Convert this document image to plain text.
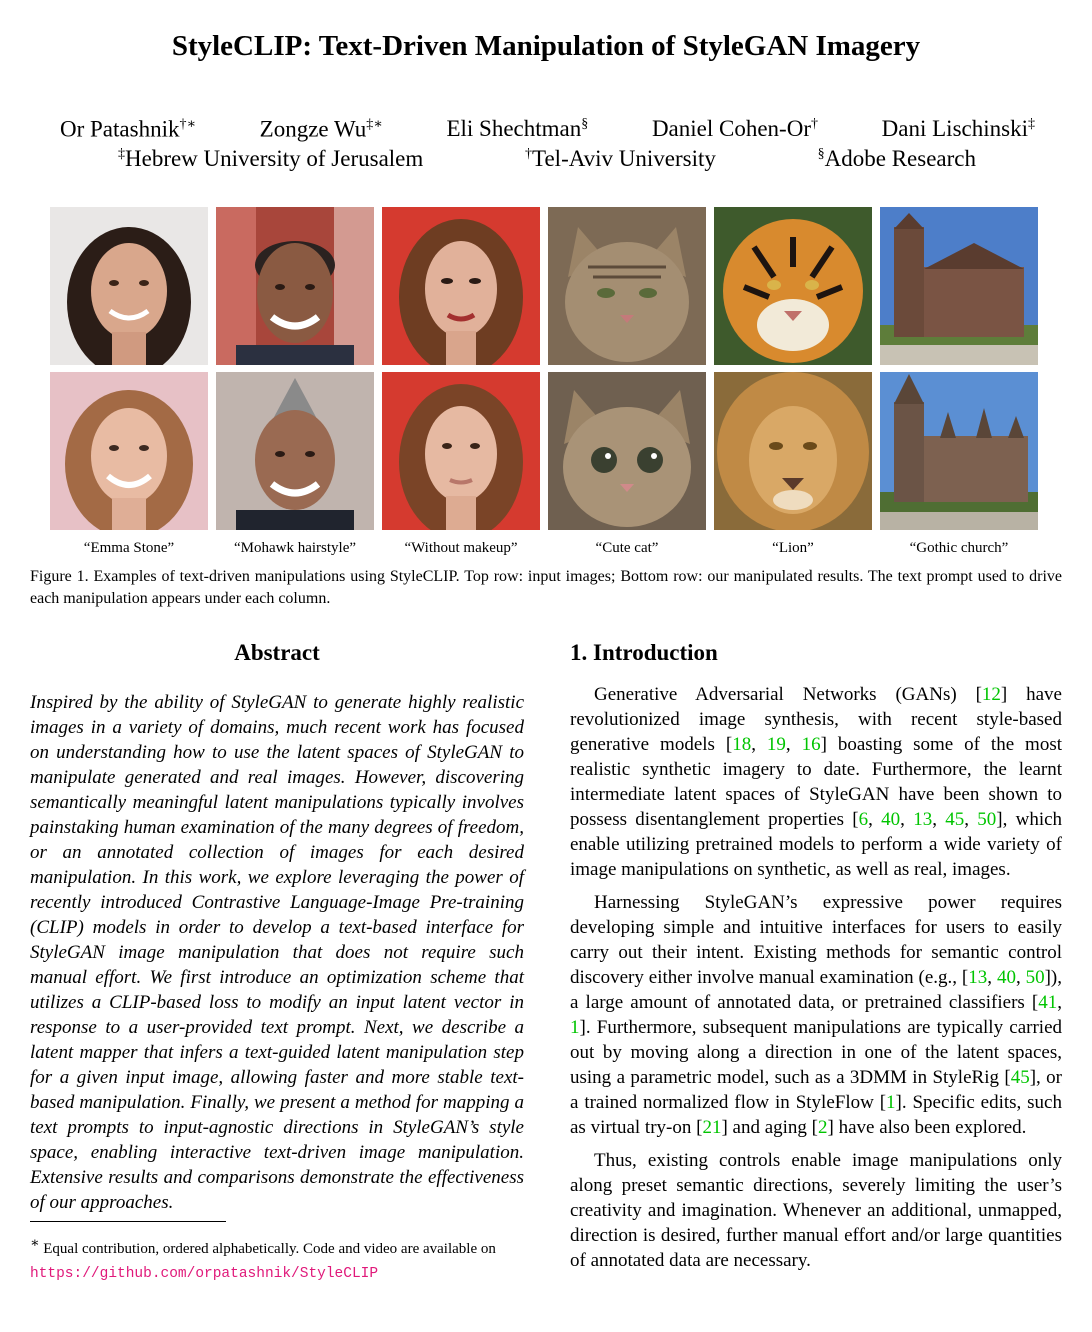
StyleCLIP: Text-Driven Manipulation of StyleGAN Imagery
Or Patashnik†∗	Zongze Wu‡∗	Eli Shechtman§	Daniel Cohen-Or†	Dani Lischinski‡
‡Hebrew University of Jerusalem	†Tel-Aviv University	§Adobe Research
“Emma Stone”	“Mohawk hairstyle”	“Without makeup”	“Cute cat”	“Lion”	“Gothic church”
Figure 1. Examples of text-driven manipulations using StyleCLIP. Top row: input images; Bottom row: our manipulated results. The text prompt used to drive each manipulation appears under each column.
Abstract
Inspired by the ability of StyleGAN to generate highly realistic images in a variety of domains, much recent work has focused on understanding how to use the latent spaces of StyleGAN to manipulate generated and real images. However, discovering semantically meaningful latent manipulations typically involves painstaking human examination of the many degrees of freedom, or an annotated collection of images for each desired manipulation. In this work, we explore leveraging the power of recently introduced Contrastive Language-Image Pre-training (CLIP) models in order to develop a text-based interface for StyleGAN image manipulation that does not require such manual effort. We first introduce an optimization scheme that utilizes a CLIP-based loss to modify an input latent vector in response to a user-provided text prompt. Next, we describe a latent mapper that infers a text-guided latent manipulation step for a given input image, allowing faster and more stable text-based manipulation. Finally, we present a method for mapping a text prompts to input-agnostic directions in StyleGAN’s style space, enabling interactive text-driven image manipulation. Extensive results and comparisons demonstrate the effectiveness of our approaches.
∗ Equal contribution, ordered alphabetically. Code and video are available on https://github.com/orpatashnik/StyleCLIP
1. Introduction

Generative Adversarial Networks (GANs) [12] have revolutionized image synthesis, with recent style-based generative models [18, 19, 16] boasting some of the most realistic synthetic imagery to date. Furthermore, the learnt intermediate latent spaces of StyleGAN have been shown to possess disentanglement properties [6, 40, 13, 45, 50], which enable utilizing pretrained models to perform a wide variety of image manipulations on synthetic, as well as real, images.

Harnessing StyleGAN’s expressive power requires developing simple and intuitive interfaces for users to easily carry out their intent. Existing methods for semantic control discovery either involve manual examination (e.g., [13, 40, 50]), a large amount of annotated data, or pretrained classifiers [41, 1]. Furthermore, subsequent manipulations are typically carried out by moving along a direction in one of the latent spaces, using a parametric model, such as a 3DMM in StyleRig [45], or a trained normalized flow in StyleFlow [1]. Specific edits, such as virtual try-on [21] and aging [2] have also been explored.

Thus, existing controls enable image manipulations only along preset semantic directions, severely limiting the user’s creativity and imagination. Whenever an additional, unmapped, direction is desired, further manual effort and/or large quantities of annotated data are necessary.
